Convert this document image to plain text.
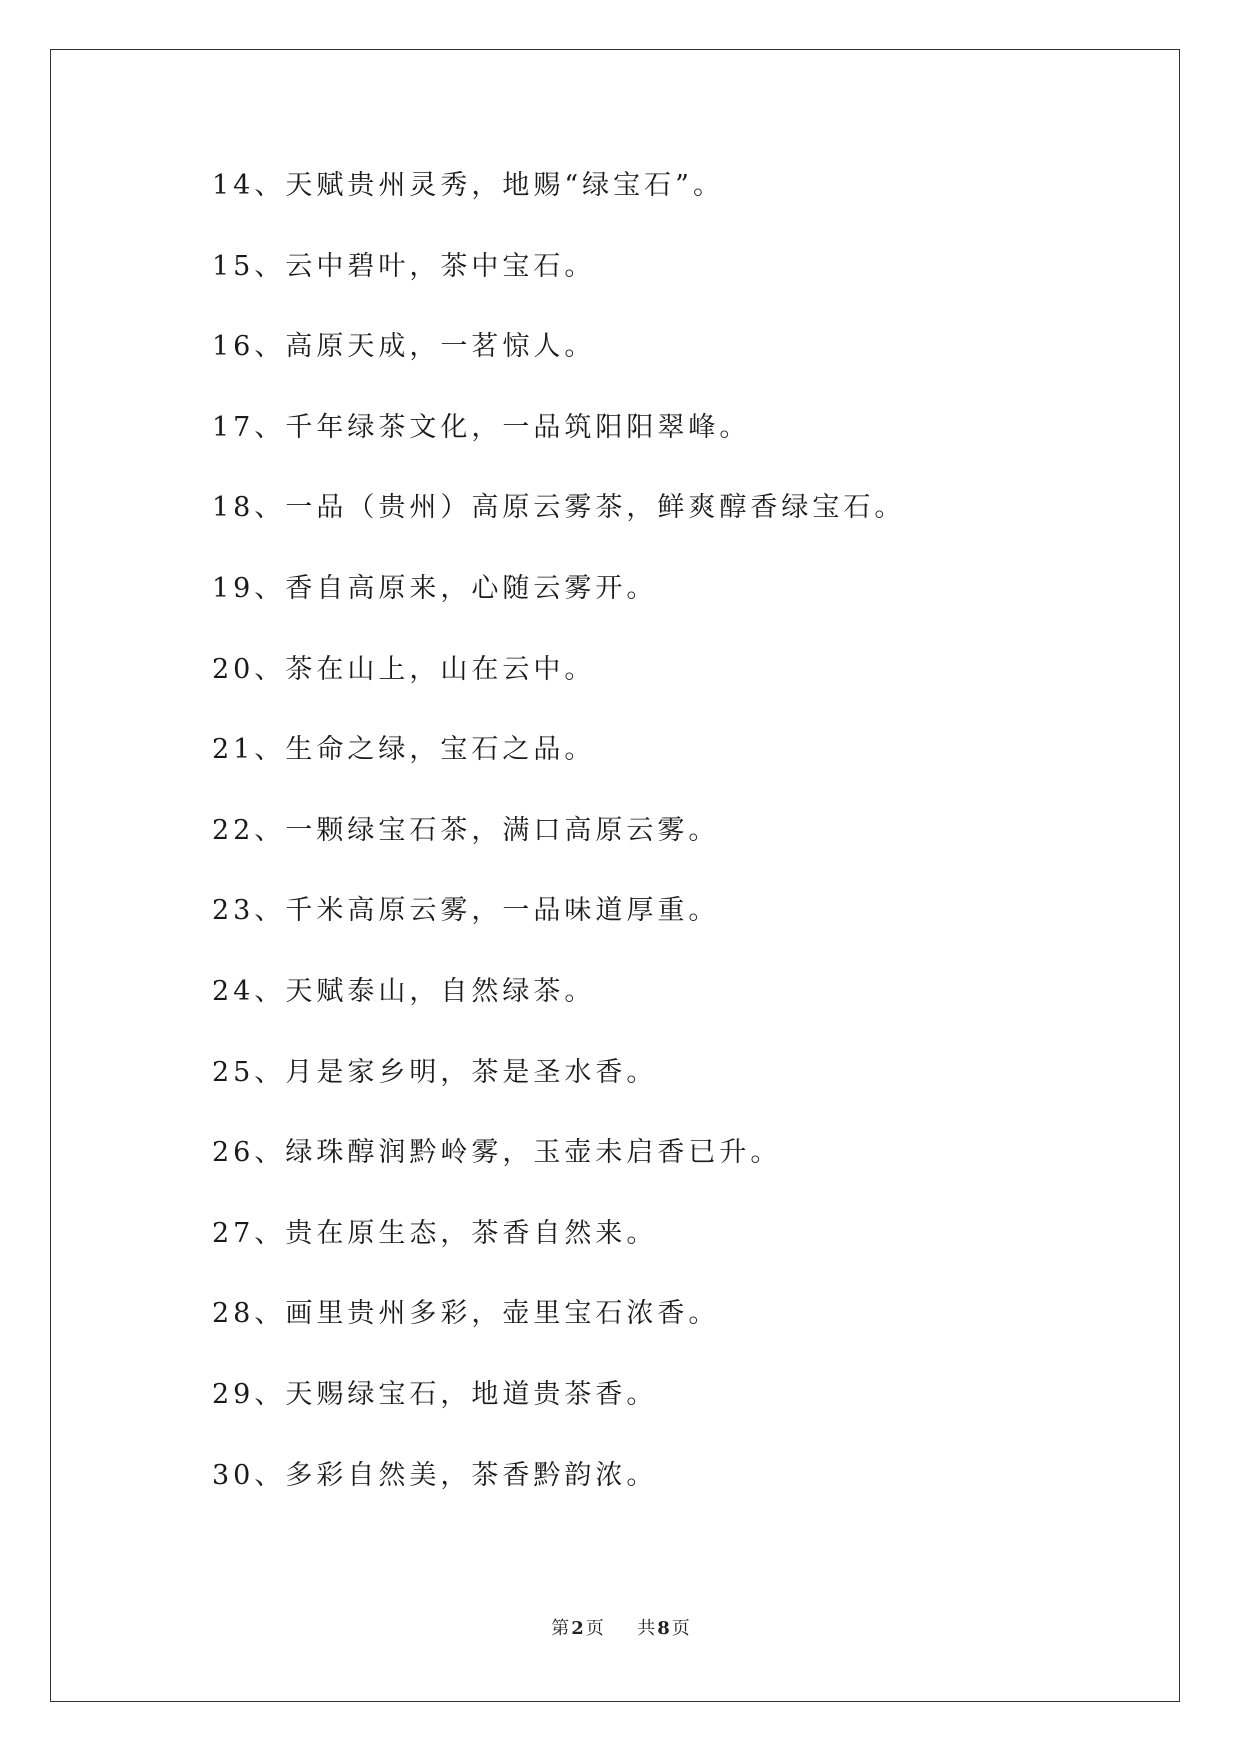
14、天赋贵州灵秀，地赐“绿宝石”。
15、云中碧叶，茶中宝石。
16、高原天成，一茗惊人。
17、千年绿茶文化，一品筑阳阳翠峰。
18、一品（贵州）高原云雾茶，鲜爽醇香绿宝石。
19、香自高原来，心随云雾开。
20、茶在山上，山在云中。
21、生命之绿，宝石之品。
22、一颗绿宝石茶，满口高原云雾。
23、千米高原云雾，一品味道厚重。
24、天赋泰山，自然绿茶。
25、月是家乡明，茶是圣水香。
26、绿珠醇润黔岭雾，玉壶未启香已升。
27、贵在原生态，茶香自然来。
28、画里贵州多彩，壶里宝石浓香。
29、天赐绿宝石，地道贵茶香。
30、多彩自然美，茶香黔韵浓。
第 2 页 共 8 页
